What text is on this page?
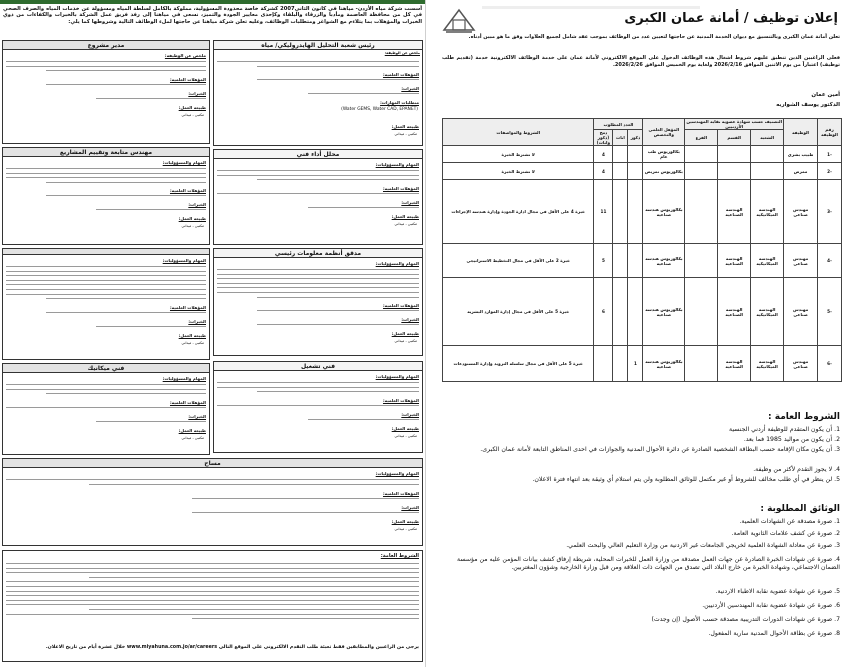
أسست شركة مياه الأردن- مياهنا في كانون الثاني2007 كشركة خاصة محدودة المسؤولية، مملوكة بالكامل لسلطة المياه ومسؤولة عن خدمات المياه والصرف الصحي في كل من محافظة العاصمة ومأدبا والزرقاء والبلقاء وكإحدى معايير الجودة والتميز، نسعى في مياهنا إلى رفد فريق عمل الشركة بالخبرات والكفاءات من ذوي الخبرات والمؤهلات بما يتلاءم مع الشواغر ومتطلبات الوظائف، وعليه تعلن شركة مياهنا عن حاجتها لملء الوظائف التالية وشروطها كما يلي:
رئيس شعبة التحليل الهايدروليكي/ مياه
ملخص عن الوظيفة:
المؤهلات العلمية:
الخبرات:
متطلبات المهارات:
(Water GEMS, Water CAD, EPANET)
طبيعة العمل:
مكتبي - ميداني
محلل أداء فني
المهام والمسؤوليات:
المؤهلات العلمية:
الخبرات:
طبيعة العمل:
مكتبي - ميداني
مدقق أنظمة معلومات رئيسي
المهام والمسؤوليات:
المؤهلات العلمية:
الخبرات:
طبيعة العمل:
مكتبي - ميداني
فني تشغيل
المهام والمسؤوليات:
المؤهلات العلمية:
الخبرات:
طبيعة العمل:
مكتبي - ميداني
مدير مشروع
ملخص عن الوظيفة:
المؤهلات العلمية:
الخبرات:
طبيعة العمل:
مكتبي - ميداني
مهندس متابعة وتقييم المشاريع
المهام والمسؤوليات:
المؤهلات العلمية:
الخبرات:
طبيعة العمل:
مكتبي - ميداني
المهام والمسؤوليات:
المؤهلات العلمية:
الخبرات:
طبيعة العمل:
مكتبي - ميداني
فني ميكانيك
المهام والمسؤوليات:
المؤهلات العلمية:
الخبرات:
طبيعة العمل:
مكتبي - ميداني
مساح
المهام والمسؤوليات:
المؤهلات العلمية:
الخبرات:
طبيعة العمل:
مكتبي - ميداني
الشروط العامة:
يرجى من الراغبين والمطابقين فقط تعبئة طلب التقدم الالكتروني على الموقع التالي www.miyahuna.com.jo/ar/careers خلال عشرة أيام من تاريخ الاعلان.
إعلان توظيف / أمانة عمان الكبرى
تعلن أمانة عمان الكبرى وبالتنسيق مع ديوان الخدمة المدنية عن حاجتها لتعيين عدد من الوظائف بموجب عقد شامل لجميع العلاوات وفق ما هو مبين أدناه.
فعلى الراغبين الذين تنطبق عليهم شروط اشغال هذه الوظائف الدخول على الموقع الالكتروني لأمانة عمان على خدمة الوظائف الالكترونية خدمة (تقديم طلب توظيف) اعتباراً من يوم الاثنين الموافق 2026/2/16 ولغاية يوم الخميس الموافق 2026/2/26.
أمين عمان
الدكتور يوسف الشواربه
رقم الوظيفة	الوظيفة	التصنيف حسب شهادة عضوية نقابة المهندسين الأردنيين			المؤهل العلمي والتخصص	العدد المطلوب			الشروط والمواصفات
		الشعبة	القسم	الفرع		ذكور	اناث	دمج (ذكور واناث)	
-1	طبيب بشري				بكالوريوس طب عام			4	لا تشترط الخبرة
-2	ممرض				بكالوريوس تمريض			4	لا تشترط الخبرة
-3	مهندس صناعي	الهندسة الميكانيكية	الهندسة الصناعية		بكالوريوس هندسة صناعية			11	خبرة 4 على الأقل في مجال ادارة الجودة وإدارة هندسة الإجراءات
-4	مهندس صناعي	الهندسة الميكانيكية	الهندسة الصناعية		بكالوريوس هندسة صناعية			5	خبرة 2 على الأقل في مجال التخطيط الاستراتيجي
-5	مهندس صناعي	الهندسة الميكانيكية	الهندسة الصناعية		بكالوريوس هندسة صناعية			6	خبرة 5 على الأقل في مجال إدارة الموارد البشرية
-6	مهندس صناعي	الهندسة الميكانيكية	الهندسة الصناعية		بكالوريوس هندسة صناعية	1			خبرة 5 على الأقل في مجال سلسلة التزويد وإدارة المستودعات
الشروط العامة :
1. أن يكون المتقدم للوظيفة أردني الجنسية
2. أن يكون من مواليد 1985 فما بعد.
3. أن يكون مكان الإقامة حسب البطاقة الشخصية الصادرة عن دائرة الأحوال المدنية والجوازات في احدى المناطق التابعة لأمانة عمان الكبرى.
4. لا يجوز التقدم لأكثر من وظيفة.
5. لن ينظر في أي طلب مخالف للشروط أو غير مكتمل للوثائق المطلوبة ولن يتم استلام أي وثيقة بعد انتهاء فترة الاعلان.
الوثائق المطلوبة :
1. صورة مصدقة عن الشهادات العلمية.
2. صورة عن كشف علامات الثانوية العامة.
3. صورة عن معادلة الشهادة العلمية لخريجي الجامعات غير الاردنية من وزارة التعليم العالي والبحث العلمي.
4. صورة عن شهادات الخبرة الصادرة عن جهات العمل مصدقة من وزارة العمل للخبرات المحلية، شريطة إرفاق كشف بيانات المؤمن عليه من مؤسسة الضمان الاجتماعي، وشهادة الخبرة من خارج البلاد التي تصدق من الجهات ذات العلاقة ومن قبل وزارة الخارجية وشؤون المغتربين.
5. صورة عن شهادة عضوية نقابة الاطباء الاردنية.
6. صورة عن شهادة عضوية نقابة المهندسين الأردنيين.
7. صورة عن شهادات الدورات التدريبية مصدقة حسب الأصول (إن وجدت)
8. صورة عن بطاقة الأحوال المدنية سارية المفعول.
